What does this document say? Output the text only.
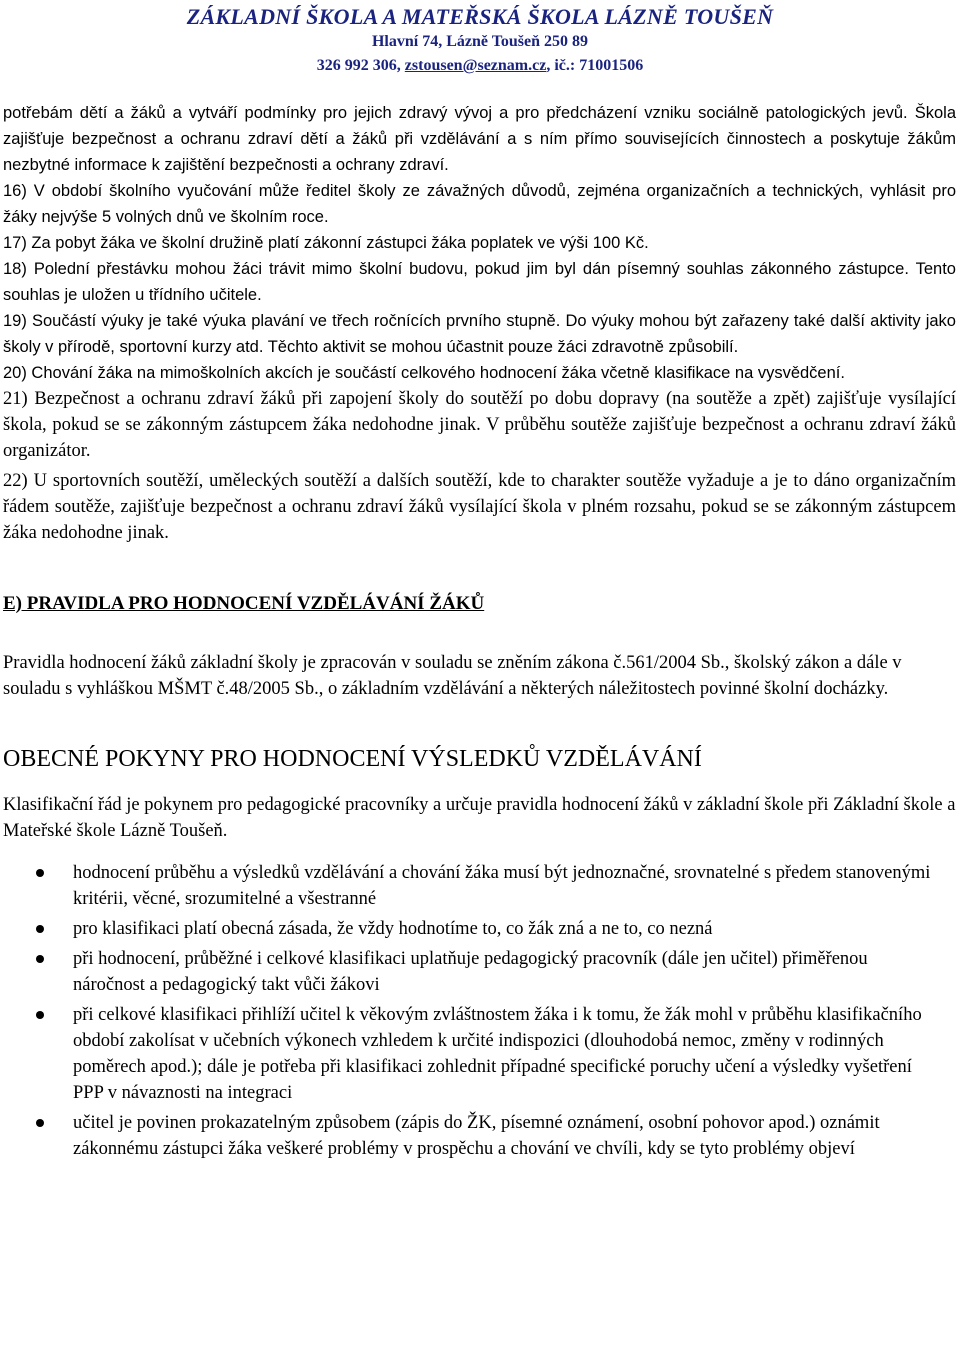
ZÁKLADNÍ ŠKOLA A MATEŘSKÁ ŠKOLA LÁZNĚ TOUŠEŇ
Hlavní 74, Lázně Toušeň 250 89
326 992 306, zstousen@seznam.cz, ič.: 71001506

potřebám dětí a žáků a vytváří podmínky pro jejich zdravý vývoj a pro předcházení vzniku sociálně patologických jevů. Škola zajišťuje bezpečnost a ochranu zdraví dětí a žáků při vzdělávání a s ním přímo souvisejících činnostech a poskytuje žákům nezbytné informace k zajištění bezpečnosti a ochrany zdraví.

16) V období školního vyučování může ředitel školy ze závažných důvodů, zejména organizačních a technických, vyhlásit pro žáky nejvýše 5 volných dnů ve školním roce.

17) Za pobyt žáka ve školní družině platí zákonní zástupci žáka poplatek ve výši 100 Kč.

18) Polední přestávku mohou žáci trávit mimo školní budovu, pokud jim byl dán písemný souhlas zákonného zástupce. Tento souhlas je uložen u třídního učitele.

19) Součástí výuky je také výuka plavání ve třech ročnících prvního stupně. Do výuky mohou být zařazeny také další aktivity jako školy v přírodě, sportovní kurzy atd. Těchto aktivit se mohou účastnit pouze žáci zdravotně způsobilí.

20) Chování žáka na mimoškolních akcích je součástí celkového hodnocení žáka včetně klasifikace na vysvědčení.

21) Bezpečnost a ochranu zdraví žáků při zapojení školy do soutěží po dobu dopravy (na soutěže a zpět) zajišťuje vysílající škola, pokud se se zákonným zástupcem žáka nedohodne jinak. V průběhu soutěže zajišťuje bezpečnost a ochranu zdraví žáků organizátor.

22) U sportovních soutěží, uměleckých soutěží a dalších soutěží, kde to charakter soutěže vyžaduje a je to dáno organizačním řádem soutěže, zajišťuje bezpečnost a ochranu zdraví žáků vysílající škola v plném rozsahu, pokud se se zákonným zástupcem žáka nedohodne jinak.

E) PRAVIDLA PRO HODNOCENÍ VZDĚLÁVÁNÍ ŽÁKŮ

Pravidla hodnocení žáků základní školy je zpracován v souladu se zněním zákona č.561/2004 Sb., školský zákon a dále v souladu s vyhláškou MŠMT č.48/2005 Sb., o základním vzdělávání a některých náležitostech povinné školní docházky.

OBECNÉ POKYNY PRO HODNOCENÍ VÝSLEDKŮ VZDĚLÁVÁNÍ

Klasifikační řád je pokynem pro pedagogické pracovníky a určuje pravidla hodnocení žáků v základní škole při Základní škole a Mateřské škole Lázně Toušeň.

hodnocení průběhu a výsledků vzdělávání a chování žáka musí být jednoznačné, srovnatelné s předem stanovenými kritérii, věcné, srozumitelné a všestranné
pro klasifikaci platí obecná zásada, že vždy hodnotíme to, co žák zná a ne to, co nezná
při hodnocení, průběžné i celkové klasifikaci uplatňuje pedagogický pracovník (dále jen učitel) přiměřenou náročnost a pedagogický takt vůči žákovi
při celkové klasifikaci přihlíží učitel k věkovým zvláštnostem žáka i k tomu, že žák mohl v průběhu klasifikačního období zakolísat v učebních výkonech vzhledem k určité indispozici (dlouhodobá nemoc, změny v rodinných poměrech apod.); dále je potřeba při klasifikaci zohlednit případné specifické poruchy učení a výsledky vyšetření PPP v návaznosti na integraci
učitel je povinen prokazatelným způsobem (zápis do ŽK, písemné oznámení, osobní pohovor apod.) oznámit zákonnému zástupci žáka veškeré problémy v prospěchu a chování ve chvíli, kdy se tyto problémy objeví
